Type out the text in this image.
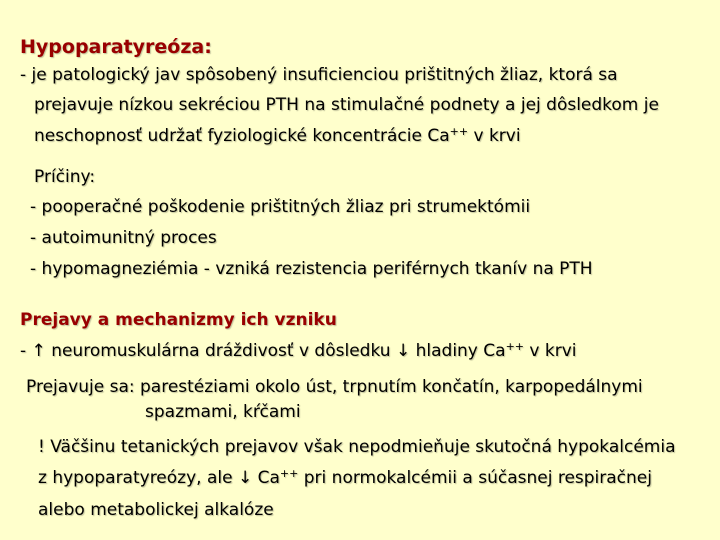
Hypoparatyreóza:
- je patologický jav spôsobený insuficienciou prištitných žliaz, ktorá sa
prejavuje nízkou sekréciou PTH na stimulačné podnety a jej dôsledkom je
neschopnosť udržať fyziologické koncentrácie Ca++ v krvi
Príčiny:
- pooperačné poškodenie prištitných žliaz pri strumektómii
- autoimunitný proces
- hypomagneziémia - vzniká rezistencia periférnych tkanív na PTH
Prejavy a mechanizmy ich vzniku
- ↑ neuromuskulárna dráždivosť v dôsledku ↓ hladiny Ca++ v krvi
Prejavuje sa: parestéziami okolo úst, trpnutím končatín, karpopedálnymi
spazmami, kŕčami
! Väčšinu tetanických prejavov však nepodmieňuje skutočná hypokalcémia
z hypoparatyreózy, ale ↓ Ca++ pri normokalcémii a súčasnej respiračnej
alebo metabolickej alkalóze
